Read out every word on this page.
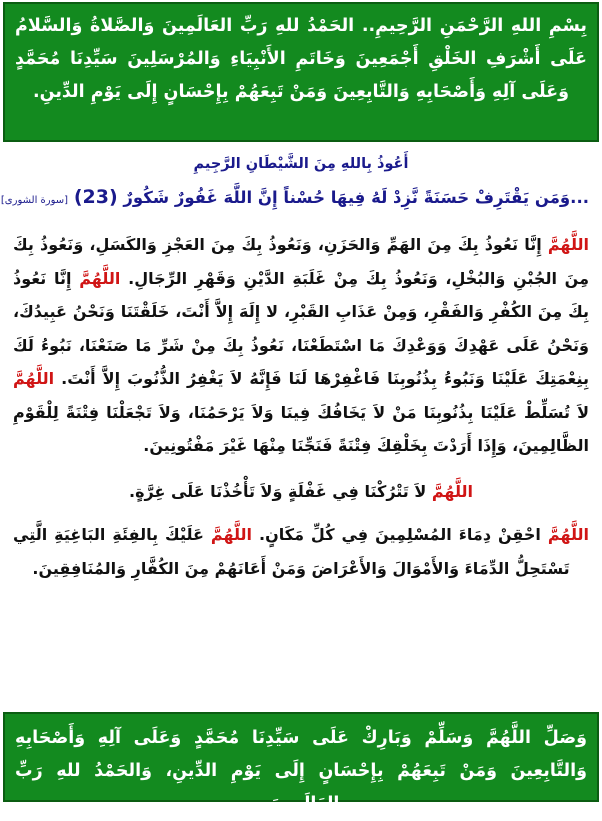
بِسْمِ اللهِ الرَّحْمَنِ الرَّحِيمِ.. الحَمْدُ للهِ رَبِّ العَالَمِينَ وَالصَّلاةُ وَالسَّلامُ عَلَى أَشْرَفِ الخَلْقِ أَجْمَعِينَ وَخَاتَمِ الأَنْبِيَاءِ وَالمُرْسَلِينَ سَيِّدِنَا مُحَمَّدٍ وَعَلَى آلِهِ وَأَصْحَابِهِ وَالتَّابِعِينَ وَمَنْ تَبِعَهُمْ بِإِحْسَانٍ إِلَى يَوْمِ الدِّينِ.
أَعُوذُ بِاللهِ مِنَ الشَّيْطَانِ الرَّجِيمِ
...وَمَن يَقْتَرِفْ حَسَنَةً نَّزِدْ لَهُ فِيهَا حُسْناً إِنَّ اللَّهَ غَفُورٌ شَكُورٌ (23) [سورة الشورى]

اللَّهُمَّ إِنَّا نَعُوذُ بِكَ مِنَ الهَمِّ وَالحَزَنِ، وَنَعُوذُ بِكَ مِنَ العَجْزِ وَالكَسَلِ، وَنَعُوذُ بِكَ مِنَ الجُبْنِ وَالبُخْلِ، وَنَعُوذُ بِكَ مِنْ غَلَبَةِ الدَّيْنِ وَقَهْرِ الرِّجَالِ. اللَّهُمَّ إِنَّا نَعُوذُ بِكَ مِنَ الكُفْرِ وَالفَقْرِ، وَمِنْ عَذَابِ القَبْرِ، لا إِلَهَ إِلاَّ أَنْتَ، خَلَقْتَنَا وَنَحْنُ عَبِيدُكَ، وَنَحْنُ عَلَى عَهْدِكَ وَوَعْدِكَ مَا اسْتَطَعْنَا، نَعُوذُ بِكَ مِنْ شَرِّ مَا صَنَعْنَا، نَبُوءُ لَكَ بِنِعْمَتِكَ عَلَيْنَا وَنَبُوءُ بِذُنُوبِنَا فَاغْفِرْهَا لَنَا فَإِنَّهُ لاَ يَغْفِرُ الذُّنُوبَ إِلاَّ أَنْتَ. اللَّهُمَّ لاَ تُسَلِّطْ عَلَيْنَا بِذُنُوبِنَا مَنْ لاَ يَخَافُكَ فِينَا وَلاَ يَرْحَمُنَا، وَلاَ تَجْعَلْنَا فِتْنَةً لِلْقَوْمِ الظَّالِمِينَ، وَإِذَا أَرَدْتَ بِخَلْقِكَ فِتْنَةً فَنَجِّنَا مِنْهَا غَيْرَ مَفْتُونِينَ.

اللَّهُمَّ لاَ تَتْرُكْنَا فِي غَفْلَةٍ وَلاَ تَأْخُذْنَا عَلَى غِرَّةٍ.

اللَّهُمَّ احْقِنْ دِمَاءَ المُسْلِمِينَ فِي كُلِّ مَكَانٍ. اللَّهُمَّ عَلَيْكَ بِالفِئَةِ البَاغِيَةِ الَّتِي تَسْتَحِلُّ الدِّمَاءَ وَالأَمْوَالَ وَالأَعْرَاضَ وَمَنْ أَعَانَهُمْ مِنَ الكُفَّارِ وَالمُنَافِقِينَ.

وَصَلِّ اللَّهُمَّ وَسَلِّمْ وَبَارِكْ عَلَى سَيِّدِنَا مُحَمَّدٍ وَعَلَى آلِهِ وَأَصْحَابِهِ وَالتَّابِعِينَ وَمَنْ تَبِعَهُمْ بِإِحْسَانٍ إِلَى يَوْمِ الدِّينِ، وَالحَمْدُ للهِ رَبِّ العَالَمِينَ.
